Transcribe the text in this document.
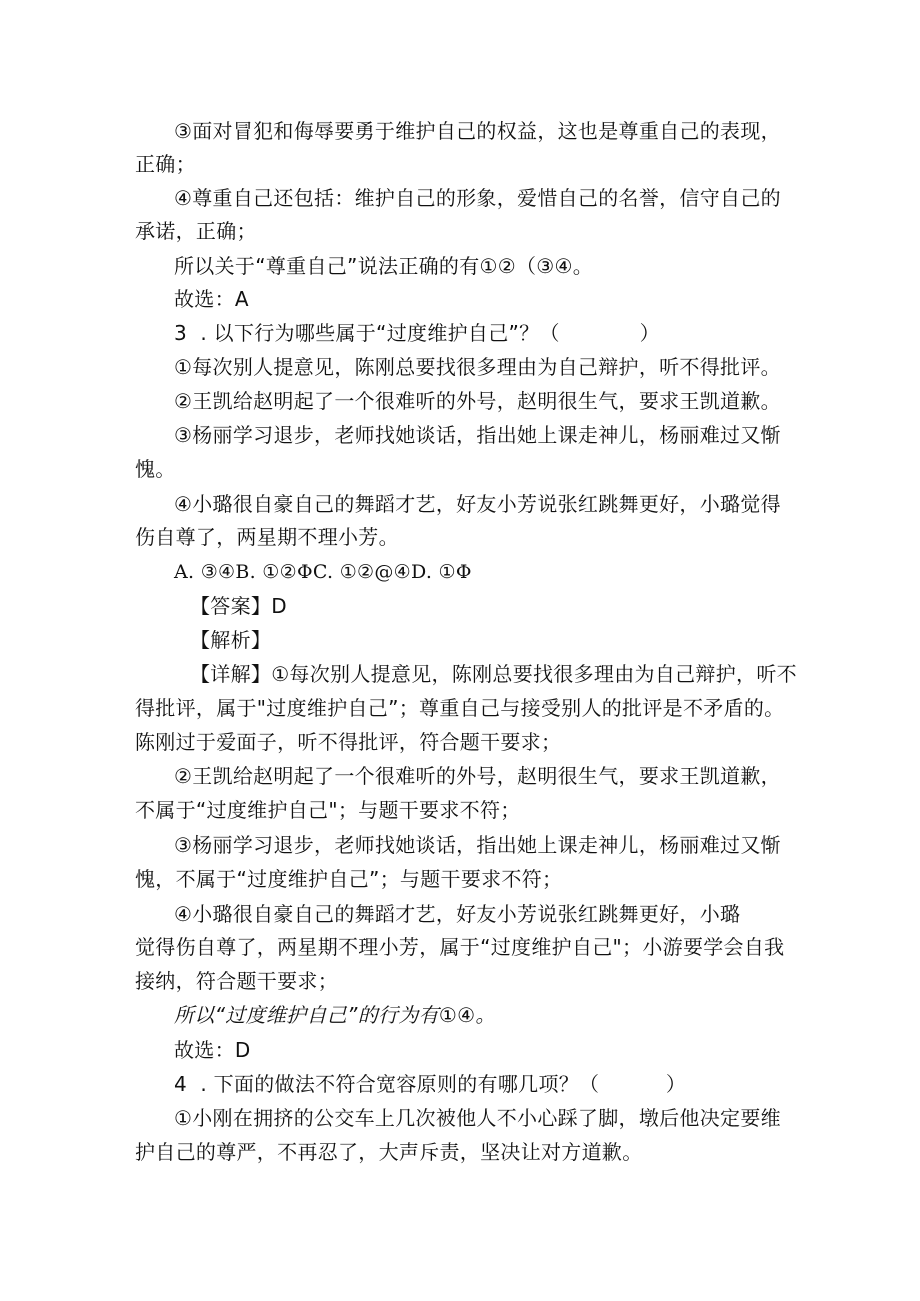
③面对冒犯和侮辱要勇于维护自己的权益，这也是尊重自己的表现，
正确；
④尊重自己还包括：维护自己的形象，爱惜自己的名誉，信守自己的
承诺，正确；
所以关于“尊重自己”说法正确的有①②（③④。
故选：A
3  . 以下行为哪些属于“过度维护自己”？（            ）
①每次别人提意见，陈刚总要找很多理由为自己辩护，听不得批评。
②王凯给赵明起了一个很难听的外号，赵明很生气，要求王凯道歉。
③杨丽学习退步，老师找她谈话，指出她上课走神儿，杨丽难过又惭
愧。
④小璐很自豪自己的舞蹈才艺，好友小芳说张红跳舞更好，小璐觉得
伤自尊了，两星期不理小芳。
A. ③④B. ①②ΦC. ①②@④D. ①Φ
【答案】D
【解析】
【详解】①每次别人提意见，陈刚总要找很多理由为自己辩护，听不
得批评，属于"过度维护自己”；尊重自己与接受别人的批评是不矛盾的。
陈刚过于爱面子，听不得批评，符合题干要求；
②王凯给赵明起了一个很难听的外号，赵明很生气，要求王凯道歉，
不属于“过度维护自己"；与题干要求不符；
③杨丽学习退步，老师找她谈话，指出她上课走神儿，杨丽难过又惭
愧，不属于“过度维护自己”；与题干要求不符；
④小璐很自豪自己的舞蹈才艺，好友小芳说张红跳舞更好，小璐
觉得伤自尊了，两星期不理小芳，属于“过度维护自己"；小游要学会自我
接纳，符合题干要求；
所以“过度维护自己”的行为有①④。
故选：D
4  . 下面的做法不符合宽容原则的有哪几项？（          ）
①小刚在拥挤的公交车上几次被他人不小心踩了脚，墩后他决定要维
护自己的尊严，不再忍了，大声斥责，坚决让对方道歉。
